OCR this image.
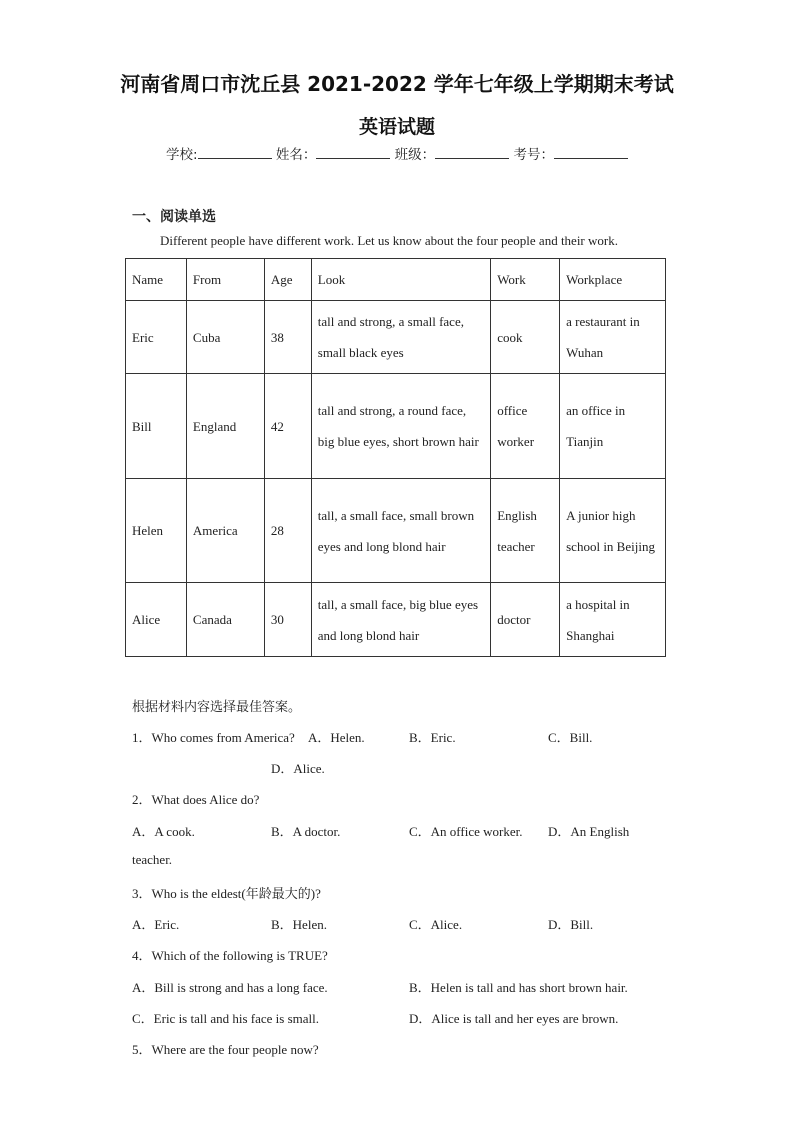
河南省周口市沈丘县 2021-2022 学年七年级上学期期末考试
英语试题
学校:	姓名：	班级：	考号：
一、阅读单选
Different people have different work. Let us know about the four people and their work.
Name	From	Age	Look	Work	Workplace
Eric	Cuba	38	tall and strong, a small face, small black eyes	cook	a restaurant in Wuhan
Bill	England	42	tall and strong, a round face, big blue eyes, short brown hair	office worker	an office in Tianjin
Helen	America	28	tall, a small face, small brown eyes and long blond hair	English teacher	A junior high school in Beijing
Alice	Canada	30	tall, a small face, big blue eyes and long blond hair	doctor	a hospital in Shanghai
根据材料内容选择最佳答案。
1．Who comes from America? A．Helen.	B．Eric.	C．Bill.
D．Alice.
2．What does Alice do?
A．A cook.	B．A doctor.	C．An office worker. D．An English
teacher.
3．Who is the eldest(年龄最大的)?
A．Eric.	B．Helen.	C．Alice.	D．Bill.
4．Which of the following is TRUE?
A．Bill is strong and has a long face.	B．Helen is tall and has short brown hair.
C．Eric is tall and his face is small.	D．Alice is tall and her eyes are brown.
5．Where are the four people now?
